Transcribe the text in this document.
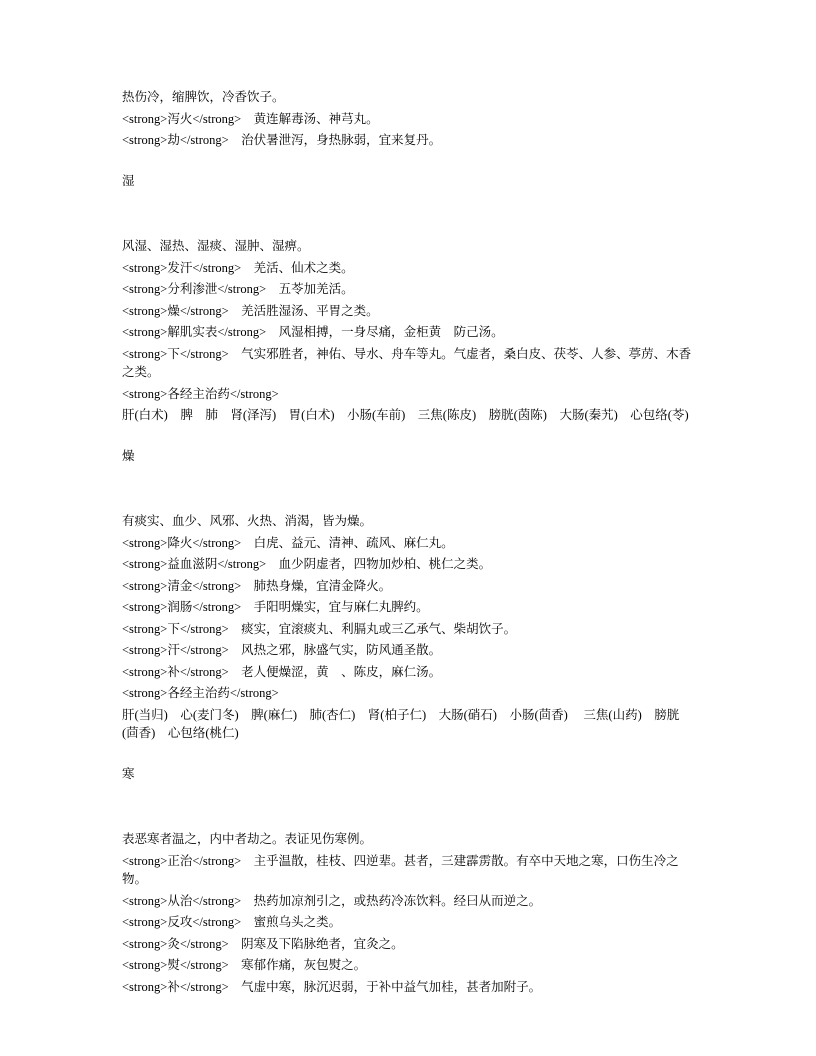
热伤冷，缩脾饮，冷香饮子。
<strong>泻火</strong>　黄连解毒汤、神芎丸。
<strong>劫</strong>　治伏暑泄泻，身热脉弱，宜来复丹。
湿
风湿、湿热、湿痰、湿肿、湿痹。
<strong>发汗</strong>　羌活、仙术之类。
<strong>分利渗泄</strong>　五苓加羌活。
<strong>燥</strong>　羌活胜湿汤、平胃之类。
<strong>解肌实表</strong>　风湿相搏，一身尽痛，金柜黄　防己汤。
<strong>下</strong>　气实邪胜者，神佑、导水、舟车等丸。气虚者，桑白皮、茯苓、人参、葶苈、木香之类。
<strong>各经主治药</strong>
肝(白术)　脾　肺　肾(泽泻)　胃(白术)　小肠(车前)　三焦(陈皮)　膀胱(茵陈)　大肠(秦艽)　心包络(苓)
燥
有痰实、血少、风邪、火热、消渴，皆为燥。
<strong>降火</strong>　白虎、益元、清神、疏风、麻仁丸。
<strong>益血滋阴</strong>　血少阴虚者，四物加炒柏、桃仁之类。
<strong>清金</strong>　肺热身燥，宜清金降火。
<strong>润肠</strong>　手阳明燥实，宜与麻仁丸脾约。
<strong>下</strong>　痰实，宜滚痰丸、利膈丸或三乙承气、柴胡饮子。
<strong>汗</strong>　风热之邪，脉盛气实，防风通圣散。
<strong>补</strong>　老人便燥涩，黄　、陈皮，麻仁汤。
<strong>各经主治药</strong>
肝(当归)　心(麦门冬)　脾(麻仁)　肺(杏仁)　肾(柏子仁)　大肠(硝石)　小肠(茴香)　 三焦(山药)　膀胱(茴香)　心包络(桃仁)
寒
表恶寒者温之，内中者劫之。表证见伤寒例。
<strong>正治</strong>　主乎温散，桂枝、四逆辈。甚者，三建霹雳散。有卒中天地之寒，口伤生冷之物。
<strong>从治</strong>　热药加凉剂引之，或热药冷冻饮料。经曰从而逆之。
<strong>反攻</strong>　蜜煎乌头之类。
<strong>灸</strong>　阴寒及下陷脉绝者，宜灸之。
<strong>熨</strong>　寒郁作痛，灰包熨之。
<strong>补</strong>　气虚中寒，脉沉迟弱，于补中益气加桂，甚者加附子。
